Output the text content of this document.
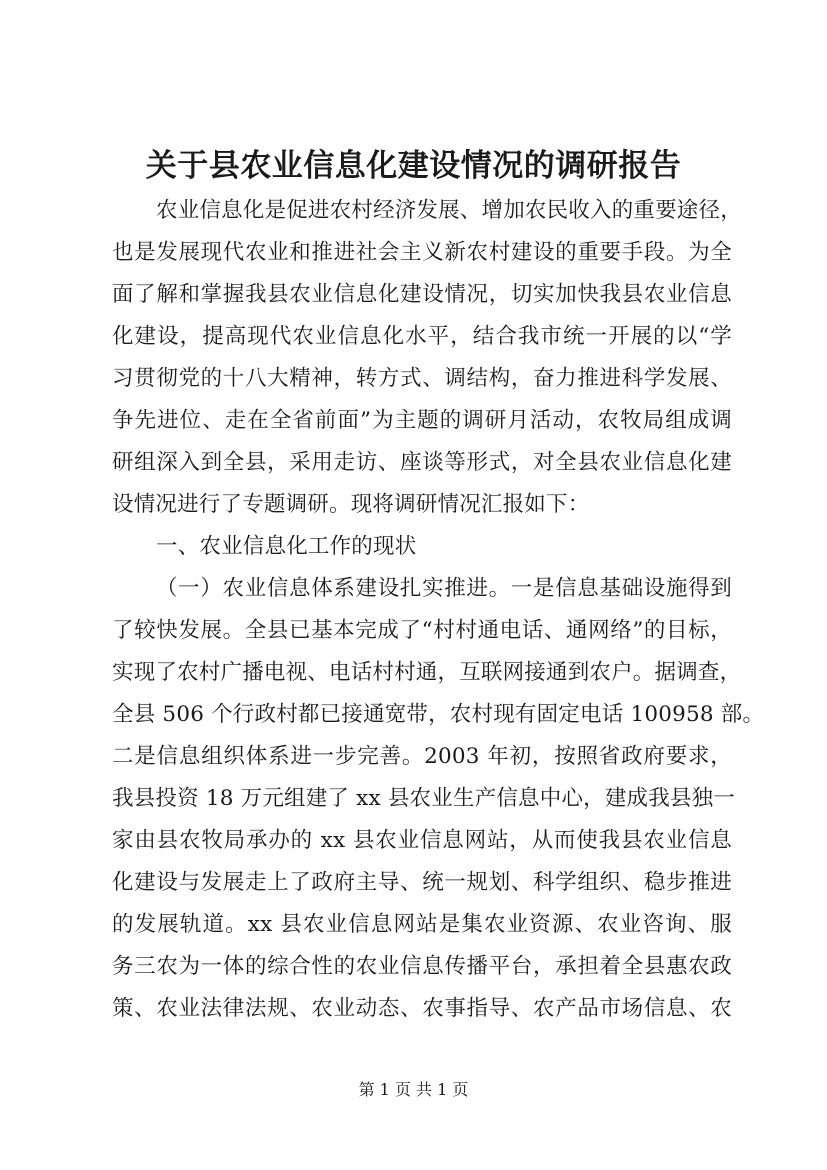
关于县农业信息化建设情况的调研报告
农业信息化是促进农村经济发展、增加农民收入的重要途径，
也是发展现代农业和推进社会主义新农村建设的重要手段。为全
面了解和掌握我县农业信息化建设情况，切实加快我县农业信息
化建设，提高现代农业信息化水平，结合我市统一开展的以“学
习贯彻党的十八大精神，转方式、调结构，奋力推进科学发展、
争先进位、走在全省前面”为主题的调研月活动，农牧局组成调
研组深入到全县，采用走访、座谈等形式，对全县农业信息化建
设情况进行了专题调研。现将调研情况汇报如下：
一、农业信息化工作的现状
（一）农业信息体系建设扎实推进。一是信息基础设施得到
了较快发展。全县已基本完成了“村村通电话、通网络”的目标，
实现了农村广播电视、电话村村通，互联网接通到农户。据调查，
全县 506 个行政村都已接通宽带，农村现有固定电话 100958 部。
二是信息组织体系进一步完善。2003 年初，按照省政府要求，
我县投资 18 万元组建了 xx 县农业生产信息中心，建成我县独一
家由县农牧局承办的 xx 县农业信息网站，从而使我县农业信息
化建设与发展走上了政府主导、统一规划、科学组织、稳步推进
的发展轨道。xx 县农业信息网站是集农业资源、农业咨询、服
务三农为一体的综合性的农业信息传播平台，承担着全县惠农政
策、农业法律法规、农业动态、农事指导、农产品市场信息、农
第 1 页 共 1 页
